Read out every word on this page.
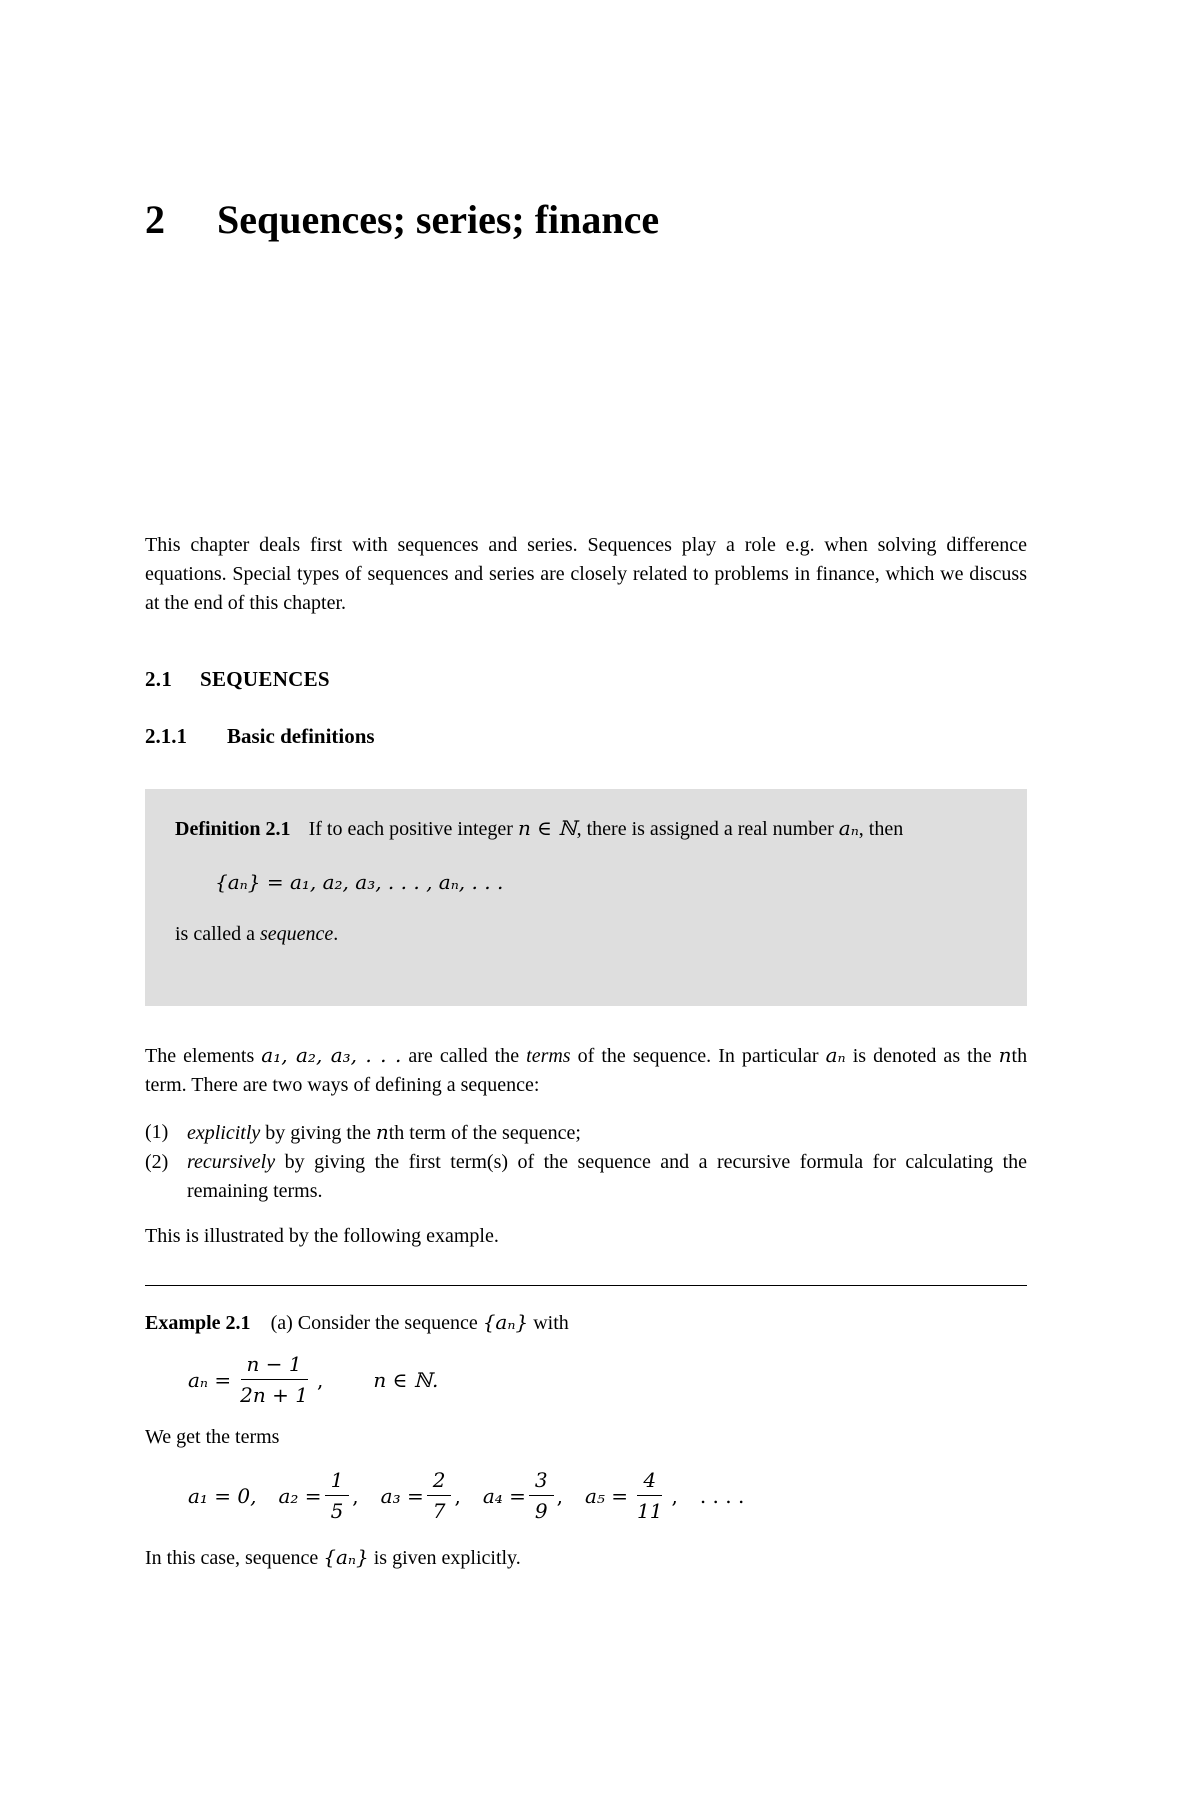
2 Sequences; series; finance

This chapter deals first with sequences and series. Sequences play a role e.g. when solving difference equations. Special types of sequences and series are closely related to problems in finance, which we discuss at the end of this chapter.

2.1 SEQUENCES
2.1.1 Basic definitions

Definition 2.1 If to each positive integer n ∈ ℕ, there is assigned a real number aₙ, then

{aₙ} = a₁, a₂, a₃, . . . , aₙ, . . .

is called a sequence.

The elements a₁, a₂, a₃, . . . are called the terms of the sequence. In particular aₙ is denoted as the nth term. There are two ways of defining a sequence:

(1) explicitly by giving the nth term of the sequence;
(2) recursively by giving the first term(s) of the sequence and a recursive formula for calculating the remaining terms.

This is illustrated by the following example.

Example 2.1 (a) Consider the sequence {aₙ} with

$a_n = \frac{n - 1}{2n + 1}$ ,	n ∈ ℕ.

We get the terms

a₁ = 0, $a_2 = \frac{1}{5}$ , $a_3 = \frac{2}{7}$ , $a_4 = \frac{3}{9}$ , $a_5 = \frac{4}{11}$ , . . . .

In this case, sequence {aₙ} is given explicitly.
